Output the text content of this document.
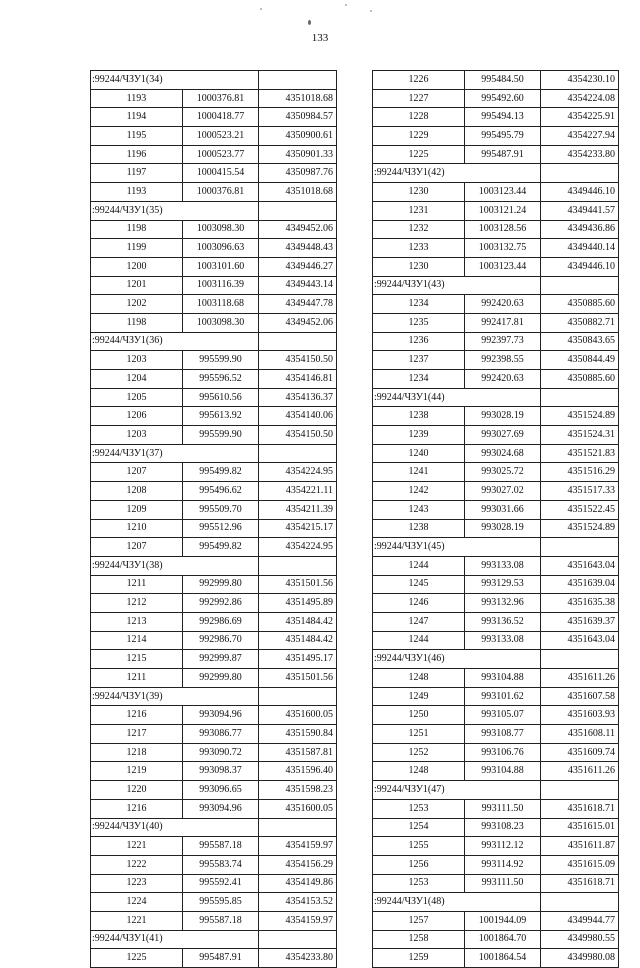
133
:99244/ЧЗУ1(34)		
1193	1000376.81	4351018.68
1194	1000418.77	4350984.57
1195	1000523.21	4350900.61
1196	1000523.77	4350901.33
1197	1000415.54	4350987.76
1193	1000376.81	4351018.68
:99244/ЧЗУ1(35)		
1198	1003098.30	4349452.06
1199	1003096.63	4349448.43
1200	1003101.60	4349446.27
1201	1003116.39	4349443.14
1202	1003118.68	4349447.78
1198	1003098.30	4349452.06
:99244/ЧЗУ1(36)		
1203	995599.90	4354150.50
1204	995596.52	4354146.81
1205	995610.56	4354136.37
1206	995613.92	4354140.06
1203	995599.90	4354150.50
:99244/ЧЗУ1(37)		
1207	995499.82	4354224.95
1208	995496.62	4354221.11
1209	995509.70	4354211.39
1210	995512.96	4354215.17
1207	995499.82	4354224.95
:99244/ЧЗУ1(38)		
1211	992999.80	4351501.56
1212	992992.86	4351495.89
1213	992986.69	4351484.42
1214	992986.70	4351484.42
1215	992999.87	4351495.17
1211	992999.80	4351501.56
:99244/ЧЗУ1(39)		
1216	993094.96	4351600.05
1217	993086.77	4351590.84
1218	993090.72	4351587.81
1219	993098.37	4351596.40
1220	993096.65	4351598.23
1216	993094.96	4351600.05
:99244/ЧЗУ1(40)		
1221	995587.18	4354159.97
1222	995583.74	4354156.29
1223	995592.41	4354149.86
1224	995595.85	4354153.52
1221	995587.18	4354159.97
:99244/ЧЗУ1(41)		
1225	995487.91	4354233.80
1226	995484.50	4354230.10
1227	995492.60	4354224.08
1228	995494.13	4354225.91
1229	995495.79	4354227.94
1225	995487.91	4354233.80
:99244/ЧЗУ1(42)		
1230	1003123.44	4349446.10
1231	1003121.24	4349441.57
1232	1003128.56	4349436.86
1233	1003132.75	4349440.14
1230	1003123.44	4349446.10
:99244/ЧЗУ1(43)		
1234	992420.63	4350885.60
1235	992417.81	4350882.71
1236	992397.73	4350843.65
1237	992398.55	4350844.49
1234	992420.63	4350885.60
:99244/ЧЗУ1(44)		
1238	993028.19	4351524.89
1239	993027.69	4351524.31
1240	993024.68	4351521.83
1241	993025.72	4351516.29
1242	993027.02	4351517.33
1243	993031.66	4351522.45
1238	993028.19	4351524.89
:99244/ЧЗУ1(45)		
1244	993133.08	4351643.04
1245	993129.53	4351639.04
1246	993132.96	4351635.38
1247	993136.52	4351639.37
1244	993133.08	4351643.04
:99244/ЧЗУ1(46)		
1248	993104.88	4351611.26
1249	993101.62	4351607.58
1250	993105.07	4351603.93
1251	993108.77	4351608.11
1252	993106.76	4351609.74
1248	993104.88	4351611.26
:99244/ЧЗУ1(47)		
1253	993111.50	4351618.71
1254	993108.23	4351615.01
1255	993112.12	4351611.87
1256	993114.92	4351615.09
1253	993111.50	4351618.71
:99244/ЧЗУ1(48)		
1257	1001944.09	4349944.77
1258	1001864.70	4349980.55
1259	1001864.54	4349980.08
